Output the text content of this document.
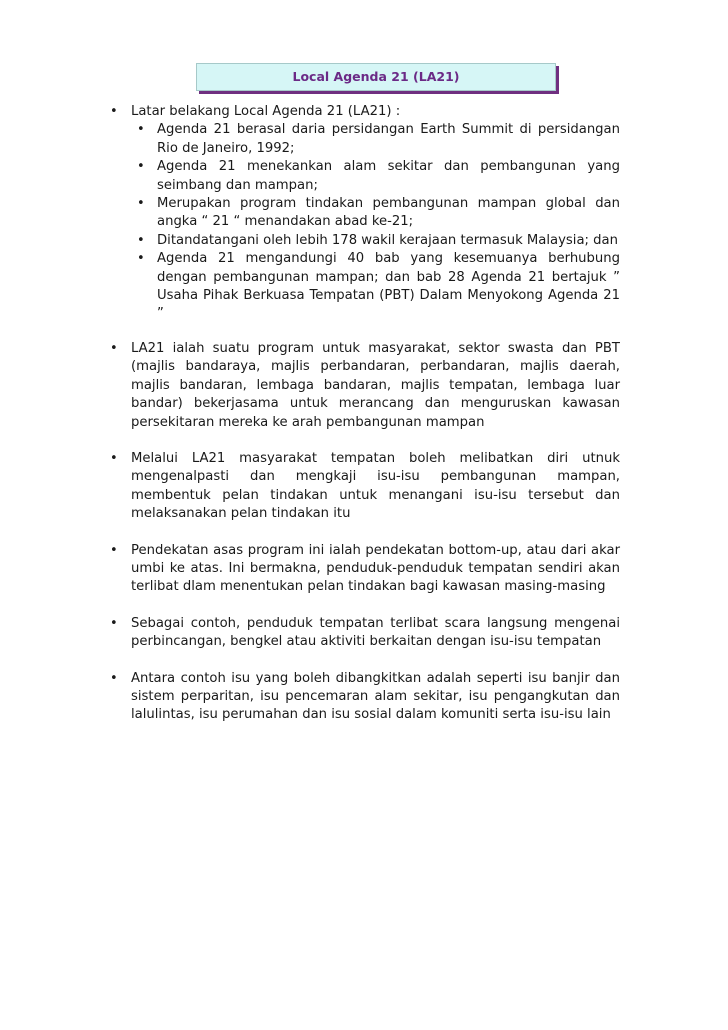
Local Agenda 21 (LA21)
• Latar belakang Local Agenda 21 (LA21) :
• Agenda 21 berasal daria persidangan Earth Summit di persidangan Rio de Janeiro, 1992;
• Agenda 21 menekankan alam sekitar dan pembangunan yang seimbang dan mampan;
• Merupakan program tindakan pembangunan mampan global dan angka “ 21 “ menandakan abad ke-21;
• Ditandatangani oleh lebih 178 wakil kerajaan termasuk Malaysia; dan
• Agenda 21 mengandungi 40 bab yang kesemuanya berhubung dengan pembangunan mampan; dan bab 28 Agenda 21 bertajuk ” Usaha Pihak Berkuasa Tempatan (PBT) Dalam Menyokong Agenda 21 ”
• LA21 ialah suatu program untuk masyarakat, sektor swasta dan PBT (majlis bandaraya, majlis perbandaran, perbandaran, majlis daerah, majlis bandaran, lembaga bandaran, majlis tempatan, lembaga luar bandar) bekerjasama untuk merancang dan menguruskan kawasan persekitaran mereka ke arah pembangunan mampan
• Melalui LA21 masyarakat tempatan boleh melibatkan diri utnuk mengenalpasti dan mengkaji isu-isu pembangunan mampan, membentuk pelan tindakan untuk menangani isu-isu tersebut dan melaksanakan pelan tindakan itu
• Pendekatan asas program ini ialah pendekatan bottom-up, atau dari akar umbi ke atas. Ini bermakna, penduduk-penduduk tempatan sendiri akan terlibat dlam menentukan pelan tindakan bagi kawasan masing-masing
• Sebagai contoh, penduduk tempatan terlibat scara langsung mengenai perbincangan, bengkel atau aktiviti berkaitan dengan isu-isu tempatan
• Antara contoh isu yang boleh dibangkitkan adalah seperti isu banjir dan sistem perparitan, isu pencemaran alam sekitar, isu pengangkutan dan lalulintas, isu perumahan dan isu sosial dalam komuniti serta isu-isu lain
